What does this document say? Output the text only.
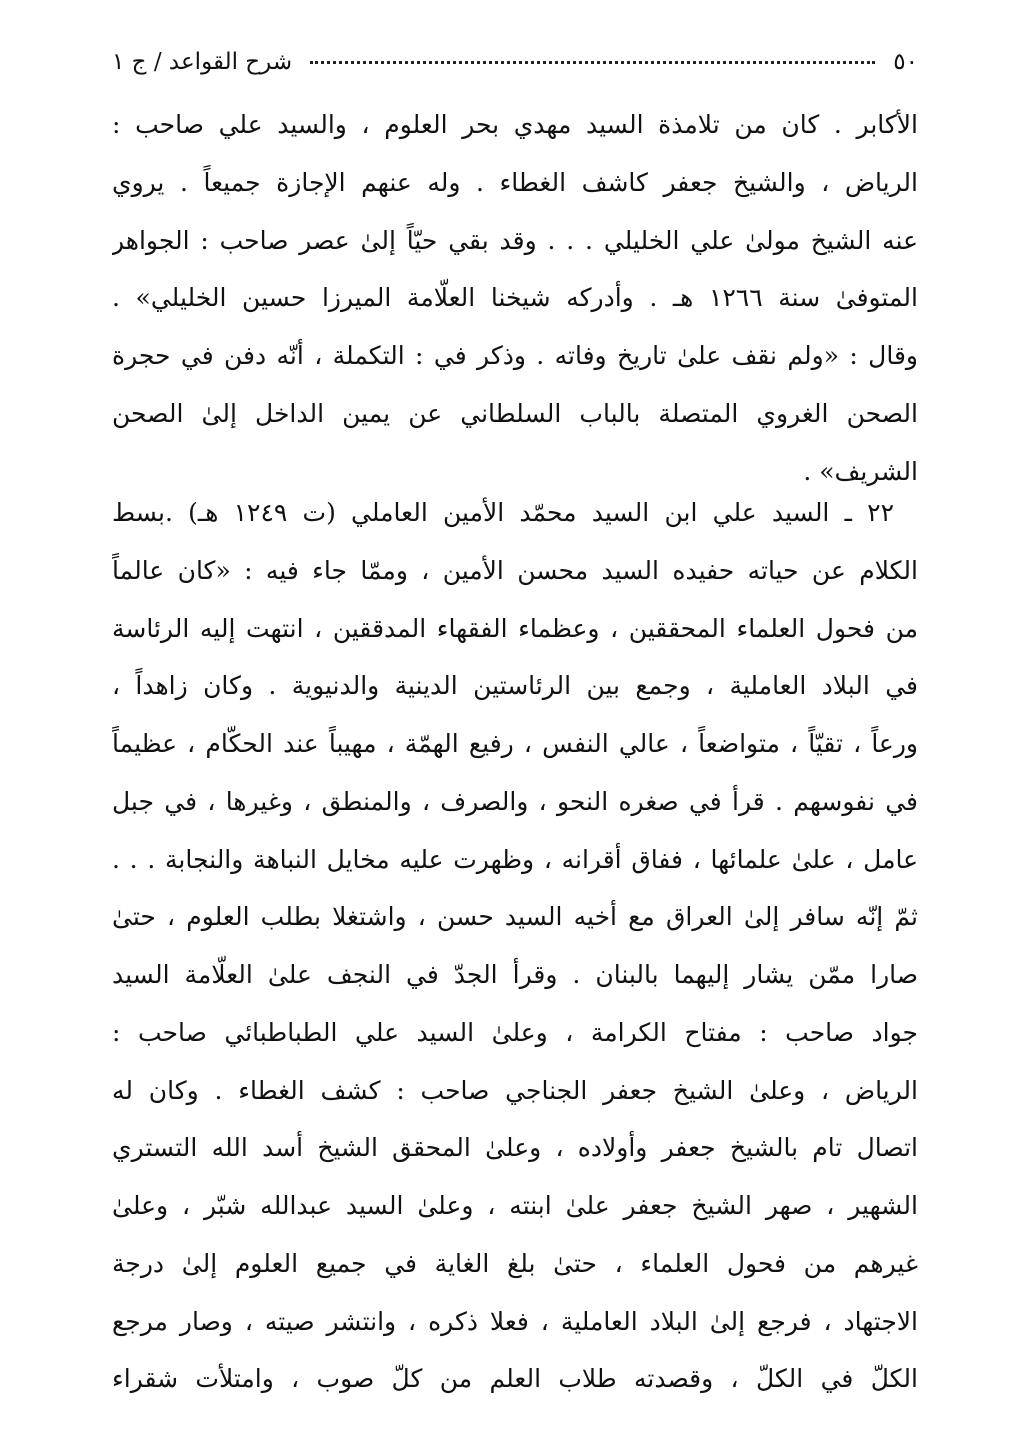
٥٠
شرح القواعد / ج ١
الأكابر . كان من تلامذة السيد مهدي بحر العلوم ، والسيد علي صاحب :
الرياض ، والشيخ جعفر كاشف الغطاء . وله عنهم الإجازة جميعاً . يروي
عنه الشيخ مولىٰ علي الخليلي . . . وقد بقي حيّاً إلىٰ عصر صاحب : الجواهر
المتوفىٰ سنة ١٢٦٦ هـ . وأدركه شيخنا العلّامة الميرزا حسين الخليلي» .
وقال : «ولم نقف علىٰ تاريخ وفاته . وذكر في : التكملة ، أنّه دفن في حجرة
الصحن الغروي المتصلة بالباب السلطاني عن يمين الداخل إلىٰ الصحن
الشريف» .
٢٢ ـ السيد علي ابن السيد محمّد الأمين العاملي (ت ١٢٤٩ هـ) .بسط
الكلام عن حياته حفيده السيد محسن الأمين ، وممّا جاء فيه : «كان عالماً
من فحول العلماء المحققين ، وعظماء الفقهاء المدققين ، انتهت إليه الرئاسة
في البلاد العاملية ، وجمع بين الرئاستين الدينية والدنيوية . وكان زاهداً ،
ورعاً ، تقيّاً ، متواضعاً ، عالي النفس ، رفيع الهمّة ، مهيباً عند الحكّام ، عظيماً
في نفوسهم . قرأ في صغره النحو ، والصرف ، والمنطق ، وغيرها ، في جبل
عامل ، علىٰ علمائها ، ففاق أقرانه ، وظهرت عليه مخايل النباهة والنجابة . . .
ثمّ إنّه سافر إلىٰ العراق مع أخيه السيد حسن ، واشتغلا بطلب العلوم ، حتىٰ
صارا ممّن يشار إليهما بالبنان . وقرأ الجدّ في النجف علىٰ العلّامة السيد
جواد صاحب : مفتاح الكرامة ، وعلىٰ السيد علي الطباطبائي صاحب :
الرياض ، وعلىٰ الشيخ جعفر الجناجي صاحب : كشف الغطاء . وكان له
اتصال تام بالشيخ جعفر وأولاده ، وعلىٰ المحقق الشيخ أسد الله التستري
الشهير ، صهر الشيخ جعفر علىٰ ابنته ، وعلىٰ السيد عبدالله شبّر ، وعلىٰ
غيرهم من فحول العلماء ، حتىٰ بلغ الغاية في جميع العلوم إلىٰ درجة
الاجتهاد ، فرجع إلىٰ البلاد العاملية ، فعلا ذكره ، وانتشر صيته ، وصار مرجع
الكلّ في الكلّ ، وقصدته طلاب العلم من كلّ صوب ، وامتلأت شقراء
